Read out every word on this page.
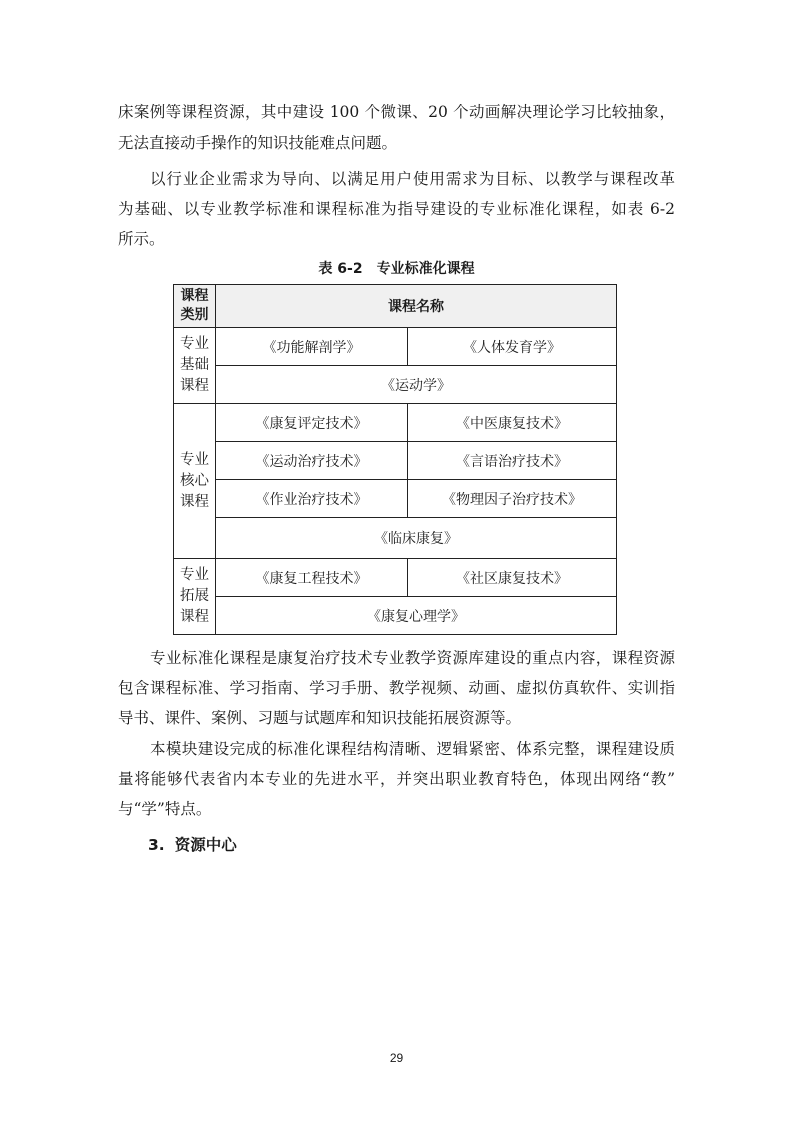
床案例等课程资源，其中建设 100 个微课、20 个动画解决理论学习比较抽象，
无法直接动手操作的知识技能难点问题。
以行业企业需求为导向、以满足用户使用需求为目标、以教学与课程改革
为基础、以专业教学标准和课程标准为指导建设的专业标准化课程，如表 6-2
所示。
表 6-2 专业标准化课程
课程
类别	课程名称	

专业
基础
课程	《功能解剖学》	《人体发育学》
	《运动学》	

专业
核心
课程	《康复评定技术》	《中医康复技术》
	《运动治疗技术》	《言语治疗技术》
	《作业治疗技术》	《物理因子治疗技术》
	《临床康复》	

专业
拓展
课程	《康复工程技术》	《社区康复技术》
	《康复心理学》	
专业标准化课程是康复治疗技术专业教学资源库建设的重点内容，课程资源
包含课程标准、学习指南、学习手册、教学视频、动画、虚拟仿真软件、实训指
导书、课件、案例、习题与试题库和知识技能拓展资源等。
本模块建设完成的标准化课程结构清晰、逻辑紧密、体系完整，课程建设质
量将能够代表省内本专业的先进水平，并突出职业教育特色，体现出网络“教”
与“学”特点。
3. 资源中心
29
